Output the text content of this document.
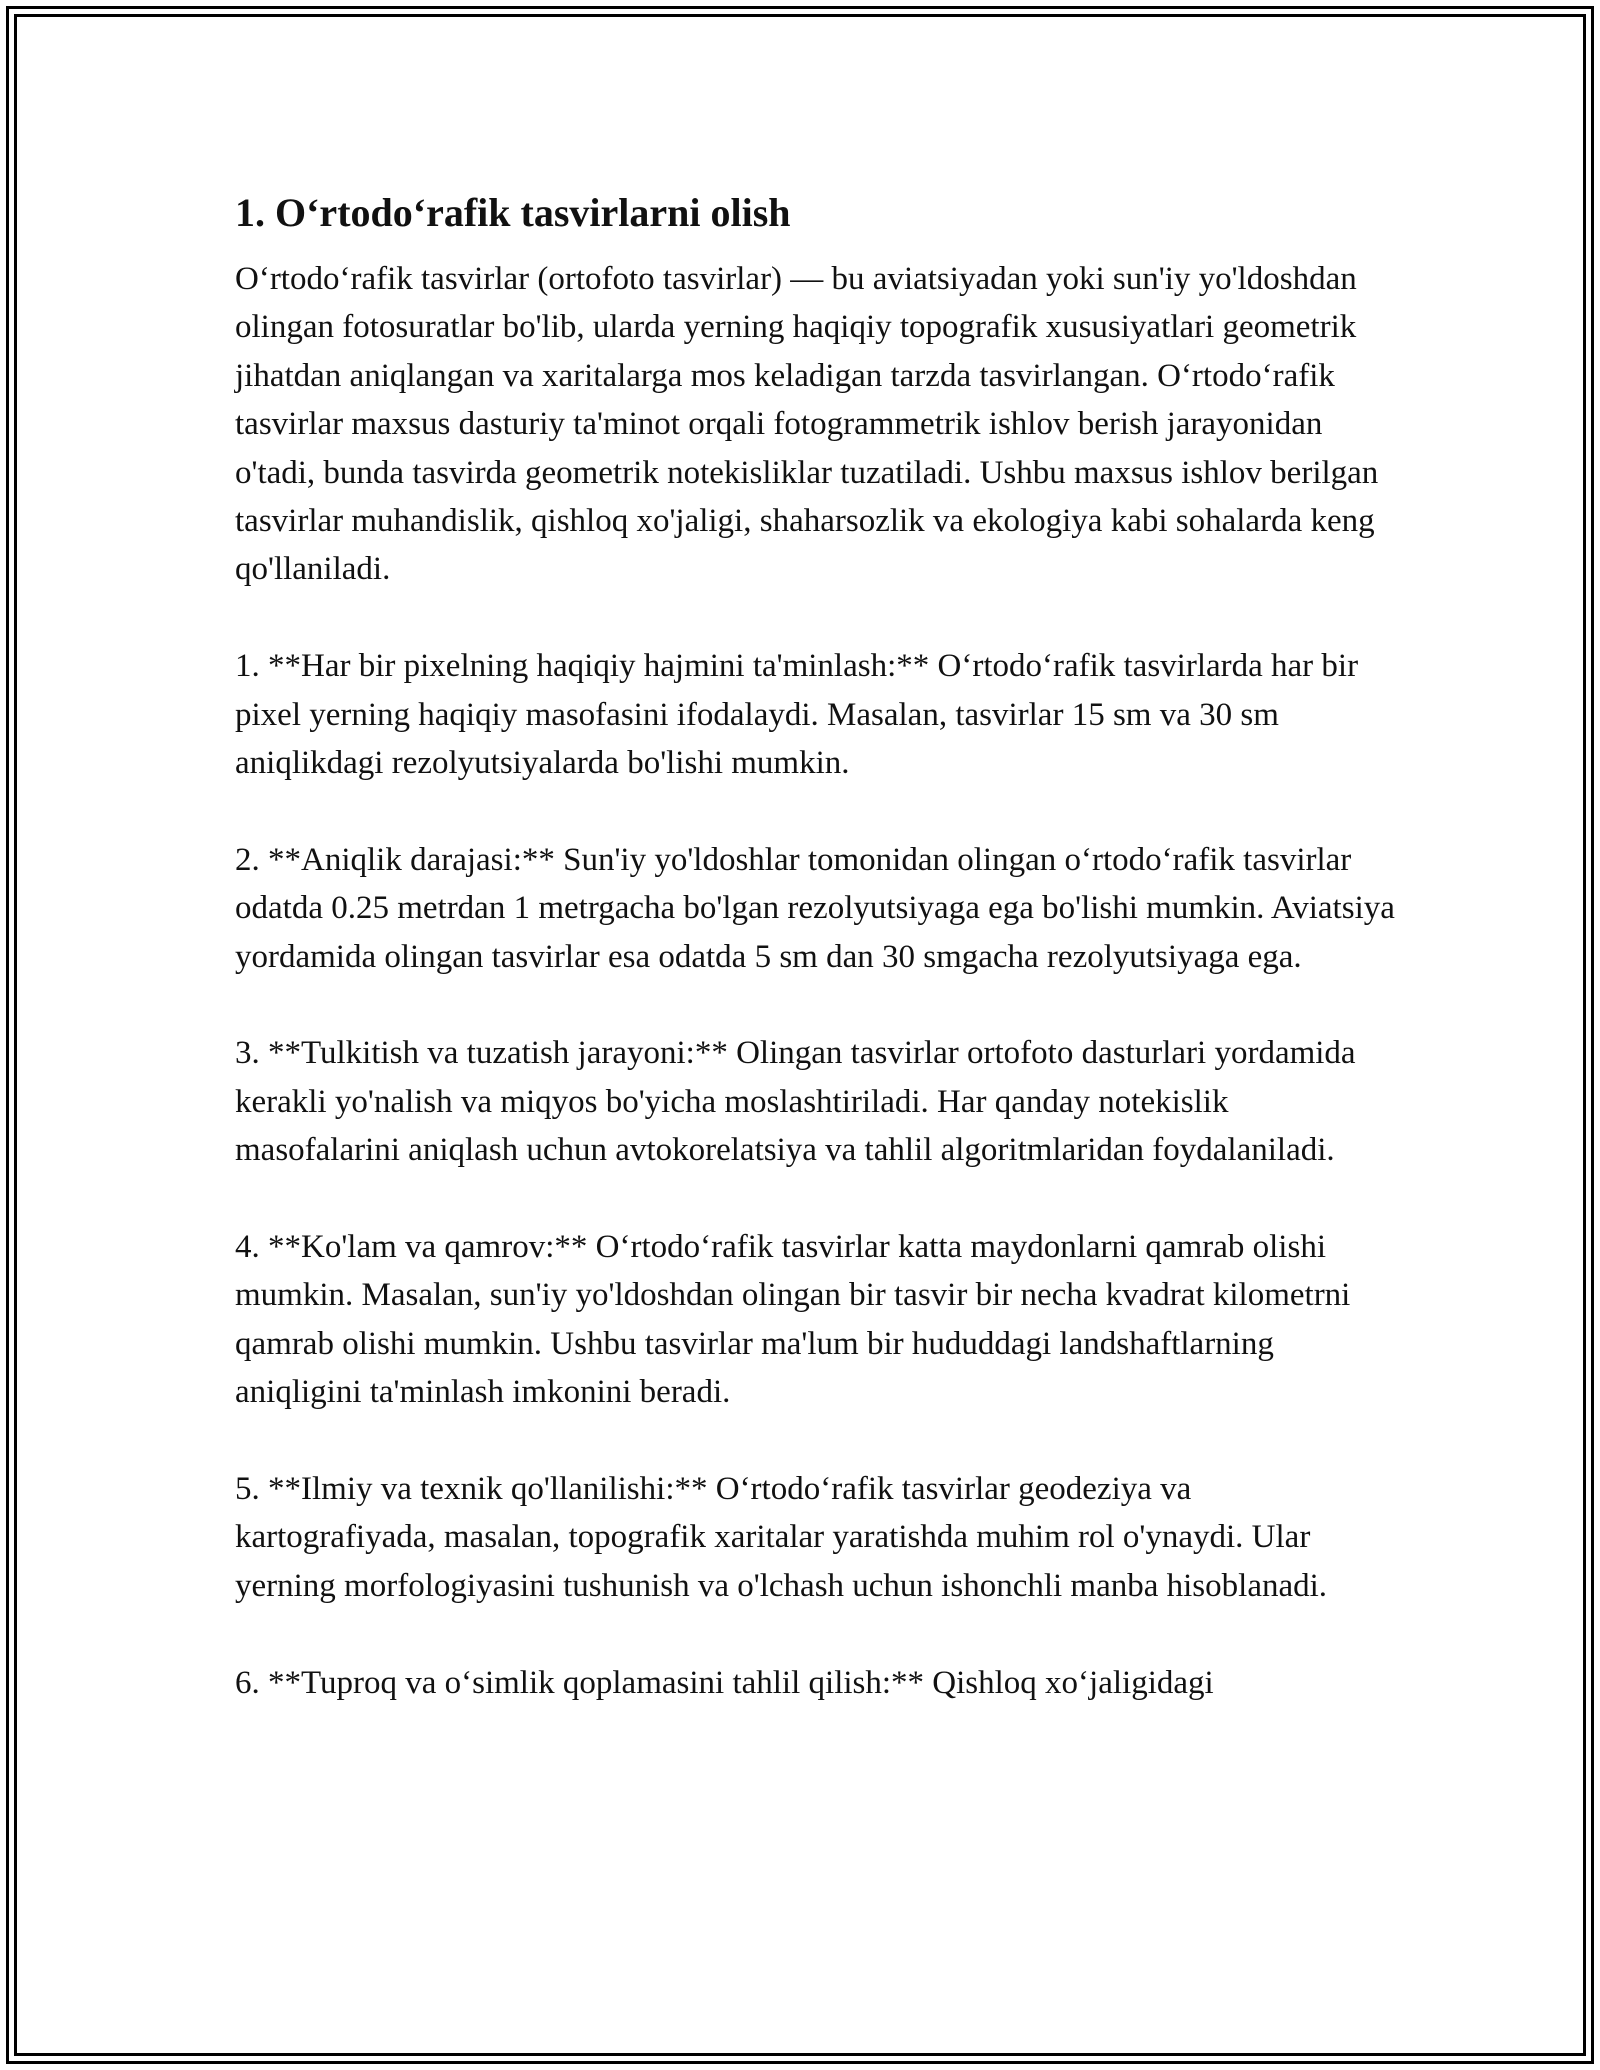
1. O‘rtodo‘rafik tasvirlarni olish

O‘rtodo‘rafik tasvirlar (ortofoto tasvirlar) — bu aviatsiyadan yoki sun'iy yo'ldoshdan olingan fotosuratlar bo'lib, ularda yerning haqiqiy topografik xususiyatlari geometrik jihatdan aniqlangan va xaritalarga mos keladigan tarzda tasvirlangan. O‘rtodo‘rafik tasvirlar maxsus dasturiy ta'minot orqali fotogrammetrik ishlov berish jarayonidan o'tadi, bunda tasvirda geometrik notekisliklar tuzatiladi. Ushbu maxsus ishlov berilgan tasvirlar muhandislik, qishloq xo'jaligi, shaharsozlik va ekologiya kabi sohalarda keng qo'llaniladi.

1. **Har bir pixelning haqiqiy hajmini ta'minlash:** O‘rtodo‘rafik tasvirlarda har bir pixel yerning haqiqiy masofasini ifodalaydi. Masalan, tasvirlar 15 sm va 30 sm aniqlikdagi rezolyutsiyalarda bo'lishi mumkin.

2. **Aniqlik darajasi:** Sun'iy yo'ldoshlar tomonidan olingan o‘rtodo‘rafik tasvirlar odatda 0.25 metrdan 1 metrgacha bo'lgan rezolyutsiyaga ega bo'lishi mumkin. Aviatsiya yordamida olingan tasvirlar esa odatda 5 sm dan 30 smgacha rezolyutsiyaga ega.

3. **Tulkitish va tuzatish jarayoni:** Olingan tasvirlar ortofoto dasturlari yordamida kerakli yo'nalish va miqyos bo'yicha moslashtiriladi. Har qanday notekislik masofalarini aniqlash uchun avtokorelatsiya va tahlil algoritmlaridan foydalaniladi.

4. **Ko'lam va qamrov:** O‘rtodo‘rafik tasvirlar katta maydonlarni qamrab olishi mumkin. Masalan, sun'iy yo'ldoshdan olingan bir tasvir bir necha kvadrat kilometrni qamrab olishi mumkin. Ushbu tasvirlar ma'lum bir hududdagi landshaftlarning aniqligini ta'minlash imkonini beradi.

5. **Ilmiy va texnik qo'llanilishi:** O‘rtodo‘rafik tasvirlar geodeziya va kartografiyada, masalan, topografik xaritalar yaratishda muhim rol o'ynaydi. Ular yerning morfologiyasini tushunish va o'lchash uchun ishonchli manba hisoblanadi.

6. **Tuproq va o‘simlik qoplamasini tahlil qilish:** Qishloq xo‘jaligidagi
